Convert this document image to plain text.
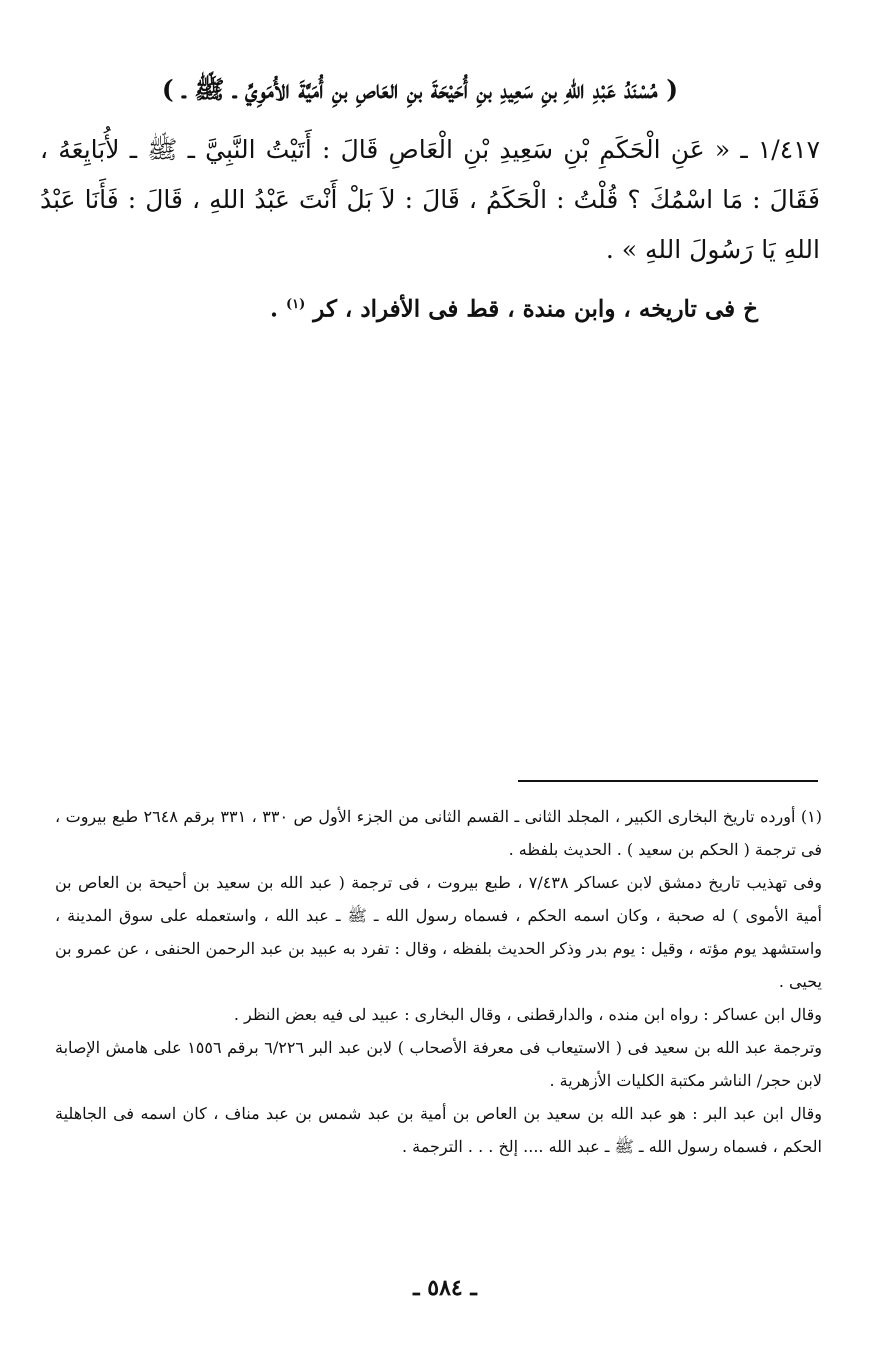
( مُسْنَدُ عَبْدِ اللهِ بنِ سَعِيدِ بنِ أُحَيْحَةَ بنِ العَاصِ بنِ أُمَيَّةَ الأُمَوِيِّ ـ ﷺ ـ )

١/٤١٧ ـ « عَنِ الْحَكَمِ بْنِ سَعِيدِ بْنِ الْعَاصِ قَالَ : أَتَيْتُ النَّبِيَّ ـ ﷺ ـ لأُبَايِعَهُ ، فَقَالَ : مَا اسْمُكَ ؟ قُلْتُ : الْحَكَمُ ، قَالَ : لاَ بَلْ أَنْتَ عَبْدُ اللهِ ، قَالَ : فَأَنَا عَبْدُ اللهِ يَا رَسُولَ اللهِ » .

خ فى تاريخه ، وابن مندة ، قط فى الأفراد ، كر $^{(١)}$ .

(١) أورده تاريخ البخارى الكبير ، المجلد الثانى ـ القسم الثانى من الجزء الأول ص ٣٣٠ ، ٣٣١ برقم ٢٦٤٨ طبع بيروت ، فى ترجمة ( الحكم بن سعيد ) . الحديث بلفظه .

وفى تهذيب تاريخ دمشق لابن عساكر ٧/٤٣٨ ، طبع بيروت ، فى ترجمة ( عبد الله بن سعيد بن أحيحة بن العاص بن أمية الأموى ) له صحبة ، وكان اسمه الحكم ، فسماه رسول الله ـ ﷺ ـ عبد الله ، واستعمله على سوق المدينة ، واستشهد يوم مؤته ، وقيل : يوم بدر وذكر الحديث بلفظه ، وقال : تفرد به عبيد بن عبد الرحمن الحنفى ، عن عمرو بن يحيى .

وقال ابن عساكر : رواه ابن منده ، والدارقطنى ، وقال البخارى : عبيد لى فيه بعض النظر .

وترجمة عبد الله بن سعيد فى ( الاستيعاب فى معرفة الأصحاب ) لابن عبد البر ٦/٢٢٦ برقم ١٥٥٦ على هامش الإصابة لابن حجر/ الناشر مكتبة الكليات الأزهرية .

وقال ابن عبد البر : هو عبد الله بن سعيد بن العاص بن أمية بن عبد شمس بن عبد مناف ، كان اسمه فى الجاهلية الحكم ، فسماه رسول الله ـ ﷺ ـ عبد الله .... إلخ . . . الترجمة .

ـ ٥٨٤ ـ
